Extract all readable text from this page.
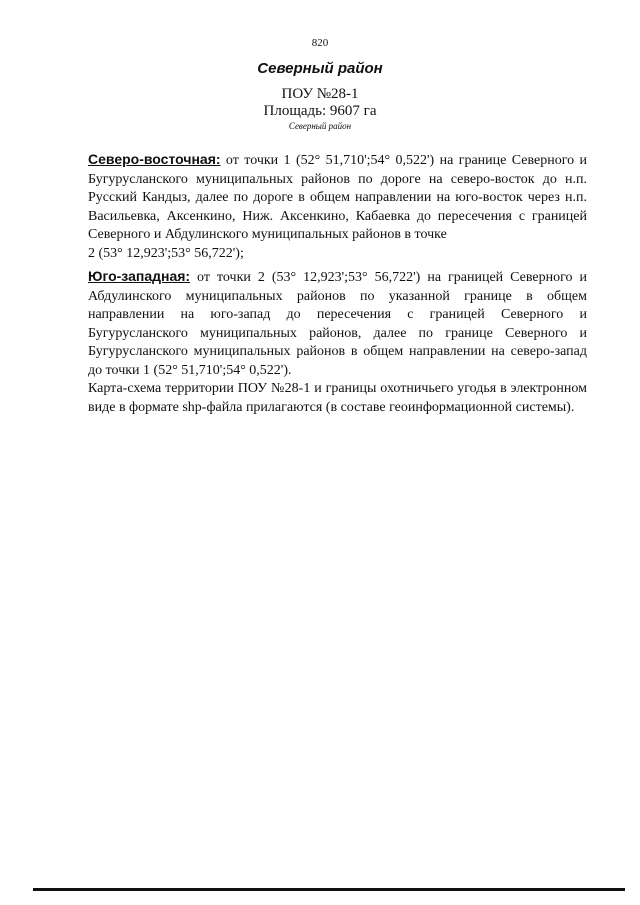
820
Северный район
ПОУ №28-1
Площадь: 9607 га
Северный район

Северо-восточная: от точки 1 (52° 51,710';54° 0,522') на границе Северного и Бугурусланского муниципальных районов по дороге на северо-восток до н.п. Русский Кандыз, далее по дороге в общем направлении на юго-восток через н.п. Васильевка, Аксенкино, Ниж. Аксенкино, Кабаевка до пересечения с границей Северного и Абдулинского муниципальных районов в точке
2 (53° 12,923';53° 56,722');

Юго-западная: от точки 2 (53° 12,923';53° 56,722') на границей Северного и Абдулинского муниципальных районов по указанной границе в общем направлении на юго-запад до пересечения с границей Северного и Бугурусланского муниципальных районов, далее по границе Северного и Бугурусланского муниципальных районов в общем направлении на северо-запад до точки 1 (52° 51,710';54° 0,522').

Карта-схема территории ПОУ №28-1 и границы охотничьего угодья в электронном виде в формате shp-файла прилагаются (в составе геоинформационной системы).
